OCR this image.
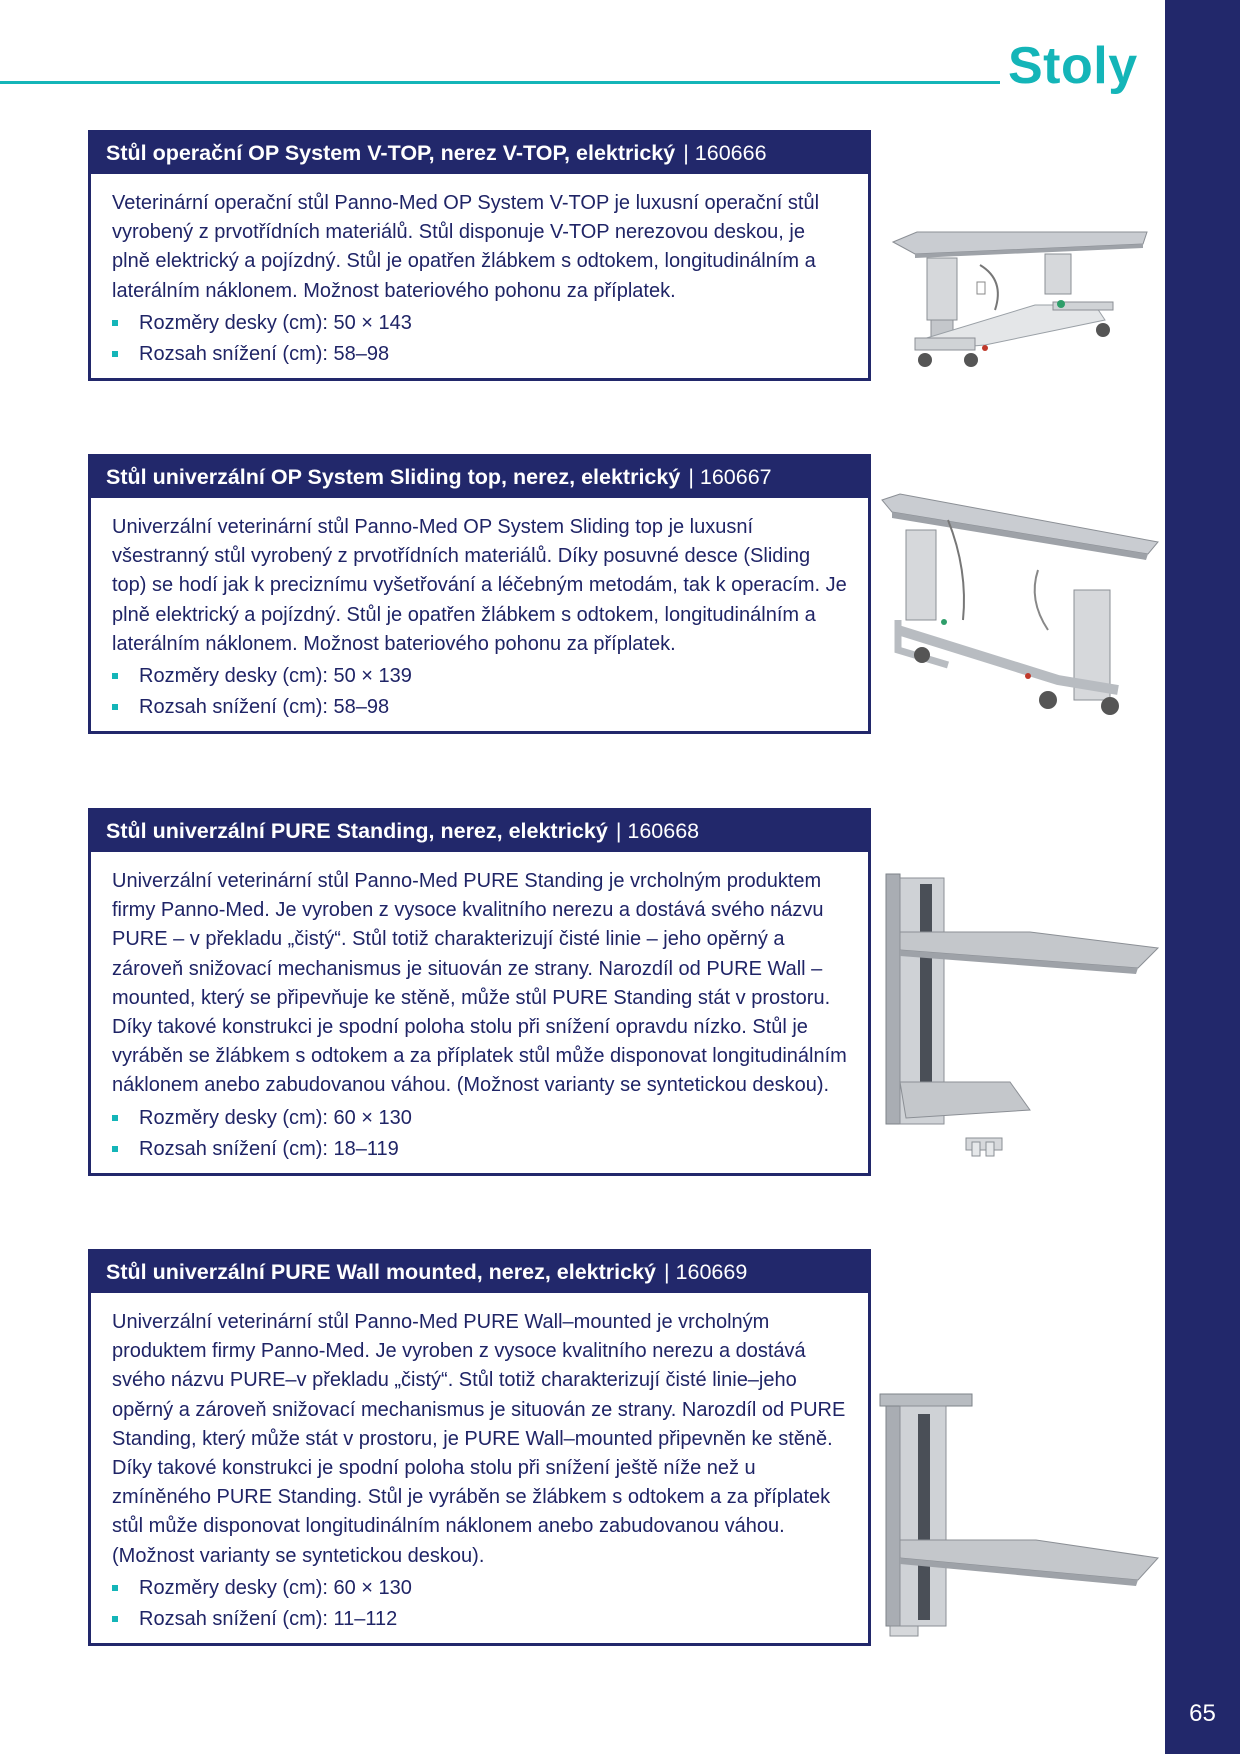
65
Stoly
Stůl operační OP System V-TOP, nerez V-TOP, elektrický | 160666

Veterinární operační stůl Panno-Med OP System V-TOP je luxusní operační stůl vyrobený z prvotřídních materiálů. Stůl disponuje V-TOP nerezovou deskou, je plně elektrický a pojízdný. Stůl je opatřen žlábkem s odtokem, longitudinálním a laterálním náklonem. Možnost bateriového pohonu za příplatek.

Rozměry desky (cm): 50 × 143
Rozsah snížení (cm): 58–98
Stůl univerzální OP System Sliding top, nerez, elektrický | 160667

Univerzální veterinární stůl Panno-Med OP System Sliding top je luxusní všestranný stůl vyrobený z prvotřídních materiálů. Díky posuvné desce (Sliding top) se hodí jak k preciznímu vyšetřování a léčebným metodám, tak k operacím. Je plně elektrický a pojízdný. Stůl je opatřen žlábkem s odtokem, longitudinálním a laterálním náklonem. Možnost bateriového pohonu za příplatek.

Rozměry desky (cm): 50 × 139
Rozsah snížení (cm): 58–98
Stůl univerzální PURE Standing, nerez, elektrický | 160668

Univerzální veterinární stůl Panno-Med PURE Standing je vrcholným produktem firmy Panno-Med. Je vyroben z vysoce kvalitního nerezu a dostává svého názvu PURE – v překladu „čistý“. Stůl totiž charakterizují čisté linie – jeho opěrný a zároveň snižovací mechanismus je situován ze strany. Narozdíl od PURE Wall – mounted, který se připevňuje ke stěně, může stůl PURE Standing stát v prostoru. Díky takové konstrukci je spodní poloha stolu při snížení opravdu nízko. Stůl je vyráběn se žlábkem s odtokem a za příplatek stůl může disponovat longitudinálním náklonem anebo zabudovanou váhou. (Možnost varianty se syntetickou deskou).

Rozměry desky (cm): 60 × 130
Rozsah snížení (cm): 18–119
Stůl univerzální PURE Wall mounted, nerez, elektrický | 160669

Univerzální veterinární stůl Panno-Med PURE Wall–mounted je vrcholným produktem firmy Panno-Med. Je vyroben z vysoce kvalitního nerezu a dostává svého názvu PURE–v překladu „čistý“. Stůl totiž charakterizují čisté linie–jeho opěrný a zároveň snižovací mechanismus je situován ze strany. Narozdíl od PURE Standing, který může stát v prostoru, je PURE Wall–mounted připevněn ke stěně. Díky takové konstrukci je spodní poloha stolu při snížení ještě níže než u zmíněného PURE Standing. Stůl je vyráběn se žlábkem s odtokem a za příplatek stůl může disponovat longitudinálním náklonem anebo zabudovanou váhou. (Možnost varianty se syntetickou deskou).

Rozměry desky (cm): 60 × 130
Rozsah snížení (cm): 11–112
